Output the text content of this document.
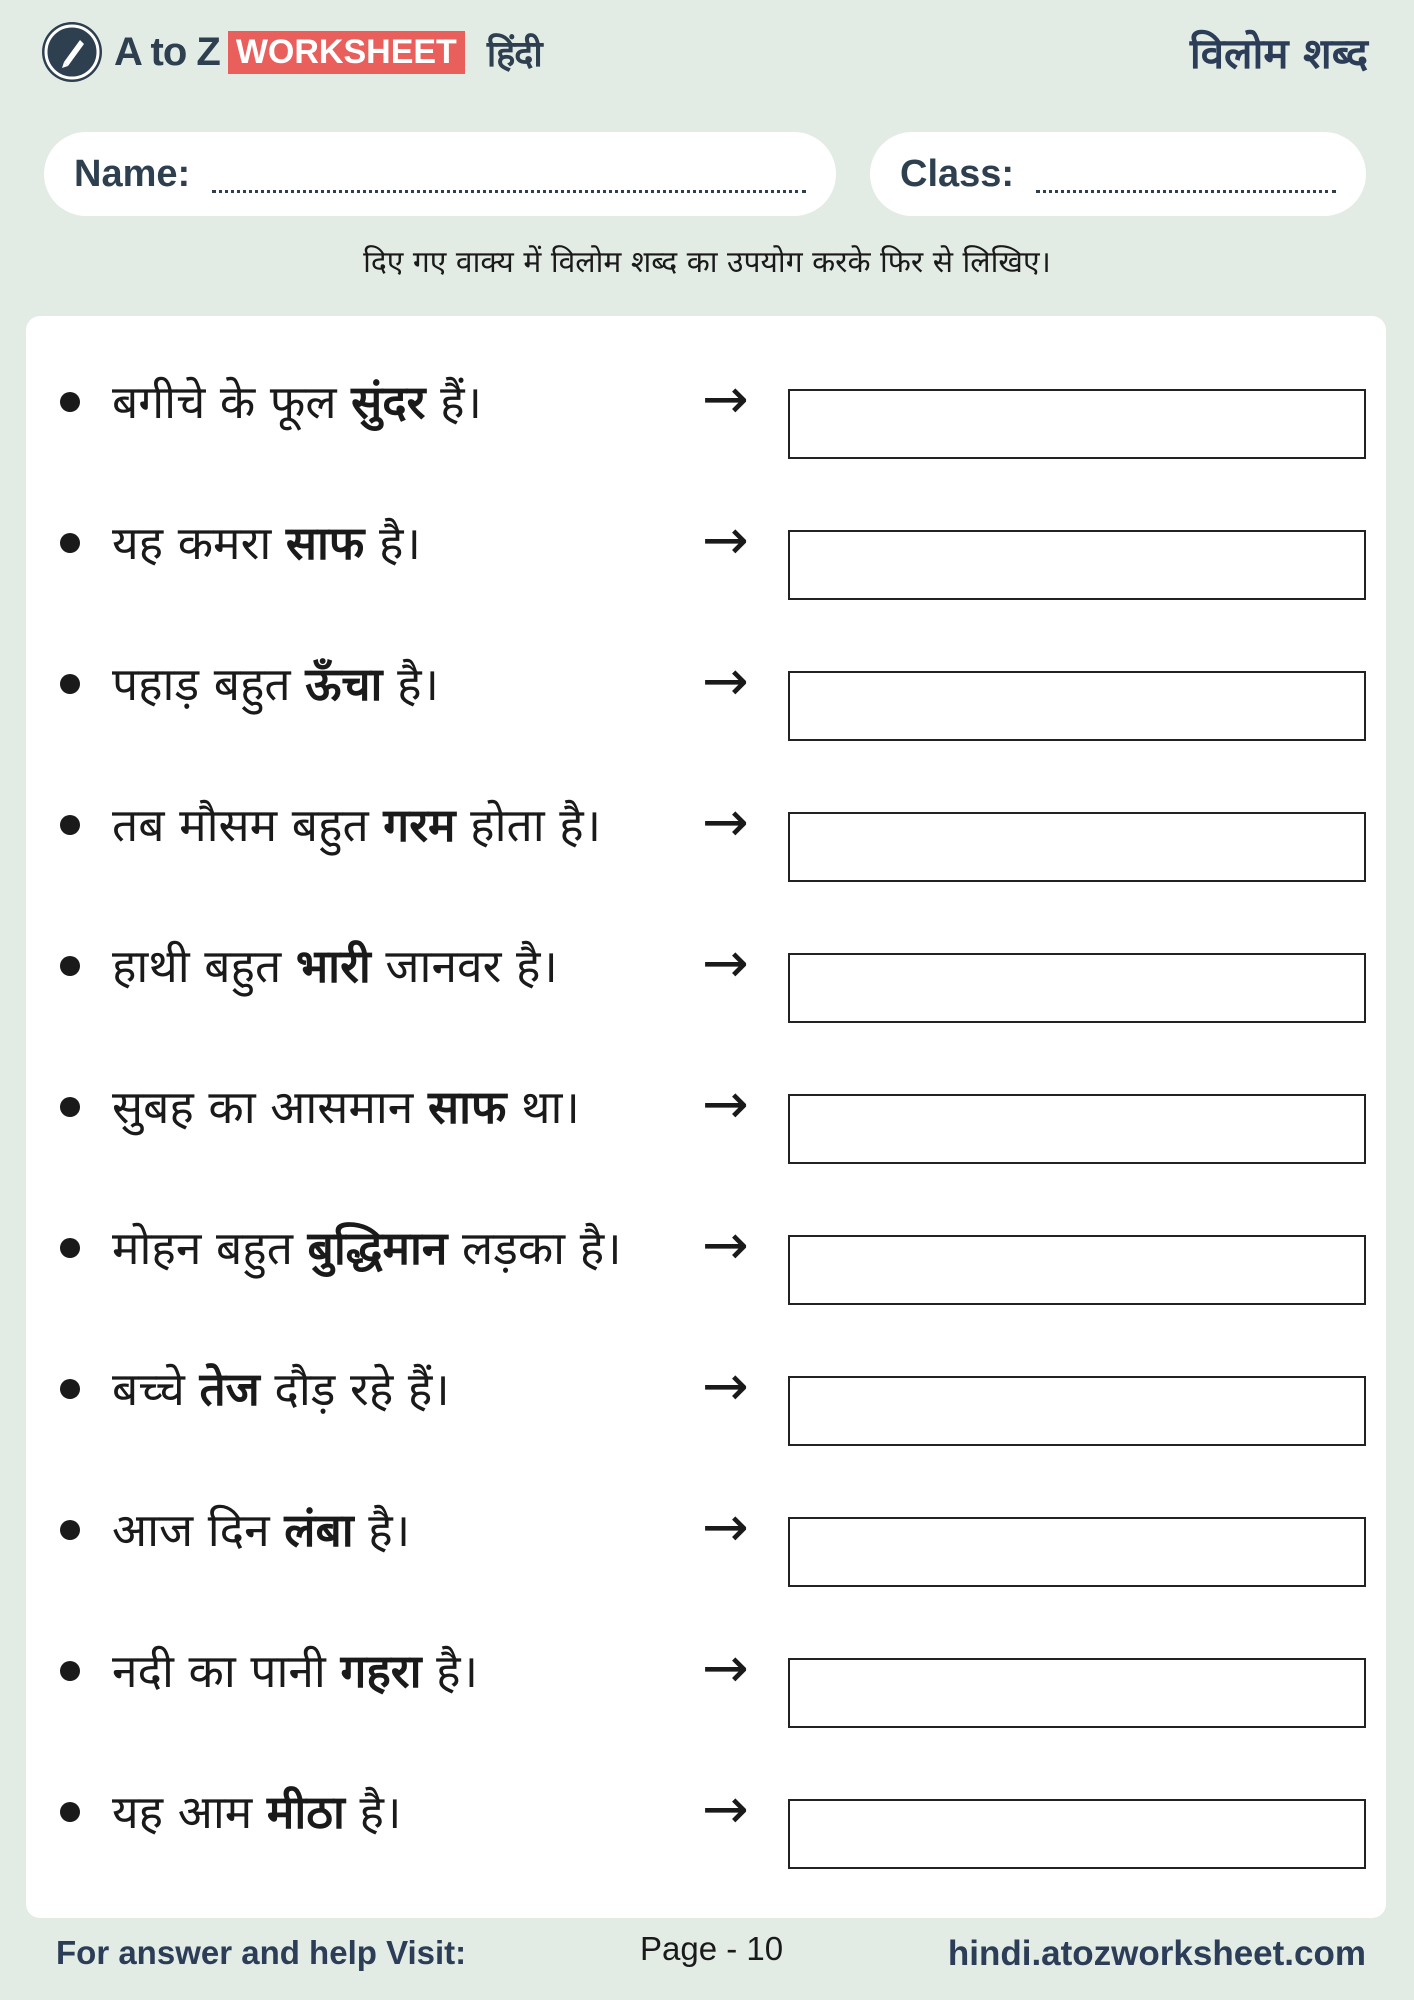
A to Z WORKSHEET हिंदी	विलोम शब्द
Name:	Class:
दिए गए वाक्य में विलोम शब्द का उपयोग करके फिर से लिखिए।
बगीचे के फूल सुंदर हैं।	→
यह कमरा साफ है।	→
पहाड़ बहुत ऊँचा है।	→
तब मौसम बहुत गरम होता है। →
हाथी बहुत भारी जानवर है।	→
सुबह का आसमान साफ था। →
मोहन बहुत बुद्धिमान लड़का है। →
बच्चे तेज दौड़ रहे हैं।	→
आज दिन लंबा है।	→
नदी का पानी गहरा है।	→
यह आम मीठा है।	→
For answer and help Visit:	Page - 10	hindi.atozworksheet.com
